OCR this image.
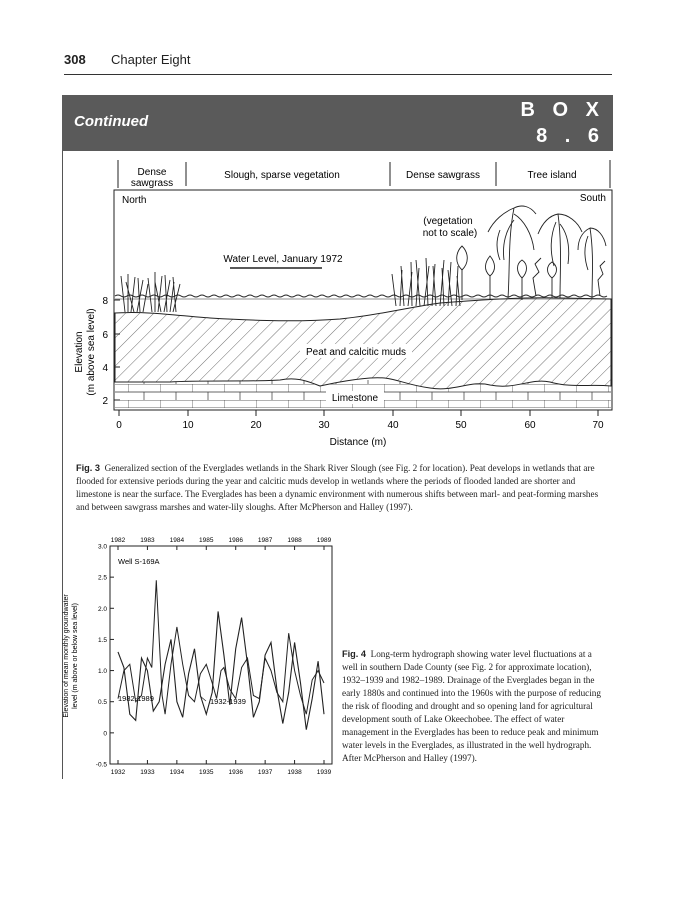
308 Chapter Eight
Continued
B O X
8 . 6
Dense
sawgrass
Slough, sparse vegetation	Dense sawgrass	Tree island
North	South
(vegetation
not to scale)
Water Level, January 1972
Peat and calcitic muds
Limestone
8
6
4
2
Elevation (m above sea level)
0	10	20	30	40	50	60	70
Distance (m)
Fig. 3 Generalized section of the Everglades wetlands in the Shark River Slough (see Fig. 2 for location). Peat develops in wetlands that are flooded for extensive periods during the year and calcitic muds develop in wetlands where the periods of flooded landed are shorter and limestone is near the surface. The Everglades has been a dynamic environment with numerous shifts between marl- and peat-forming marshes and between sawgrass marshes and water-lily sloughs. After McPherson and Halley (1997).
Well S-169A
3.0
2.5
2.0
1.5
1.0
0.5
0
-0.5
1982 1983 1984 1985 1986 1987 1988 1989
1932 1933 1934 1935 1936 1937 1938 1939
1982-1989	1932-1939
Elevation of mean monthly groundwater level (m above or below sea level)	Fig. 4 Long-term hydrograph showing water level fluctuations at a well in southern Dade County (see Fig. 2 for approximate location), 1932–1939 and 1982–1989. Drainage of the Everglades began in the early 1880s and continued into the 1960s with the purpose of reducing the risk of flooding and drought and so opening land for agricultural development south of Lake Okeechobee. The effect of water management in the Everglades has been to reduce peak and minimum water levels in the Everglades, as illustrated in the well hydrograph. After McPherson and Halley (1997).
